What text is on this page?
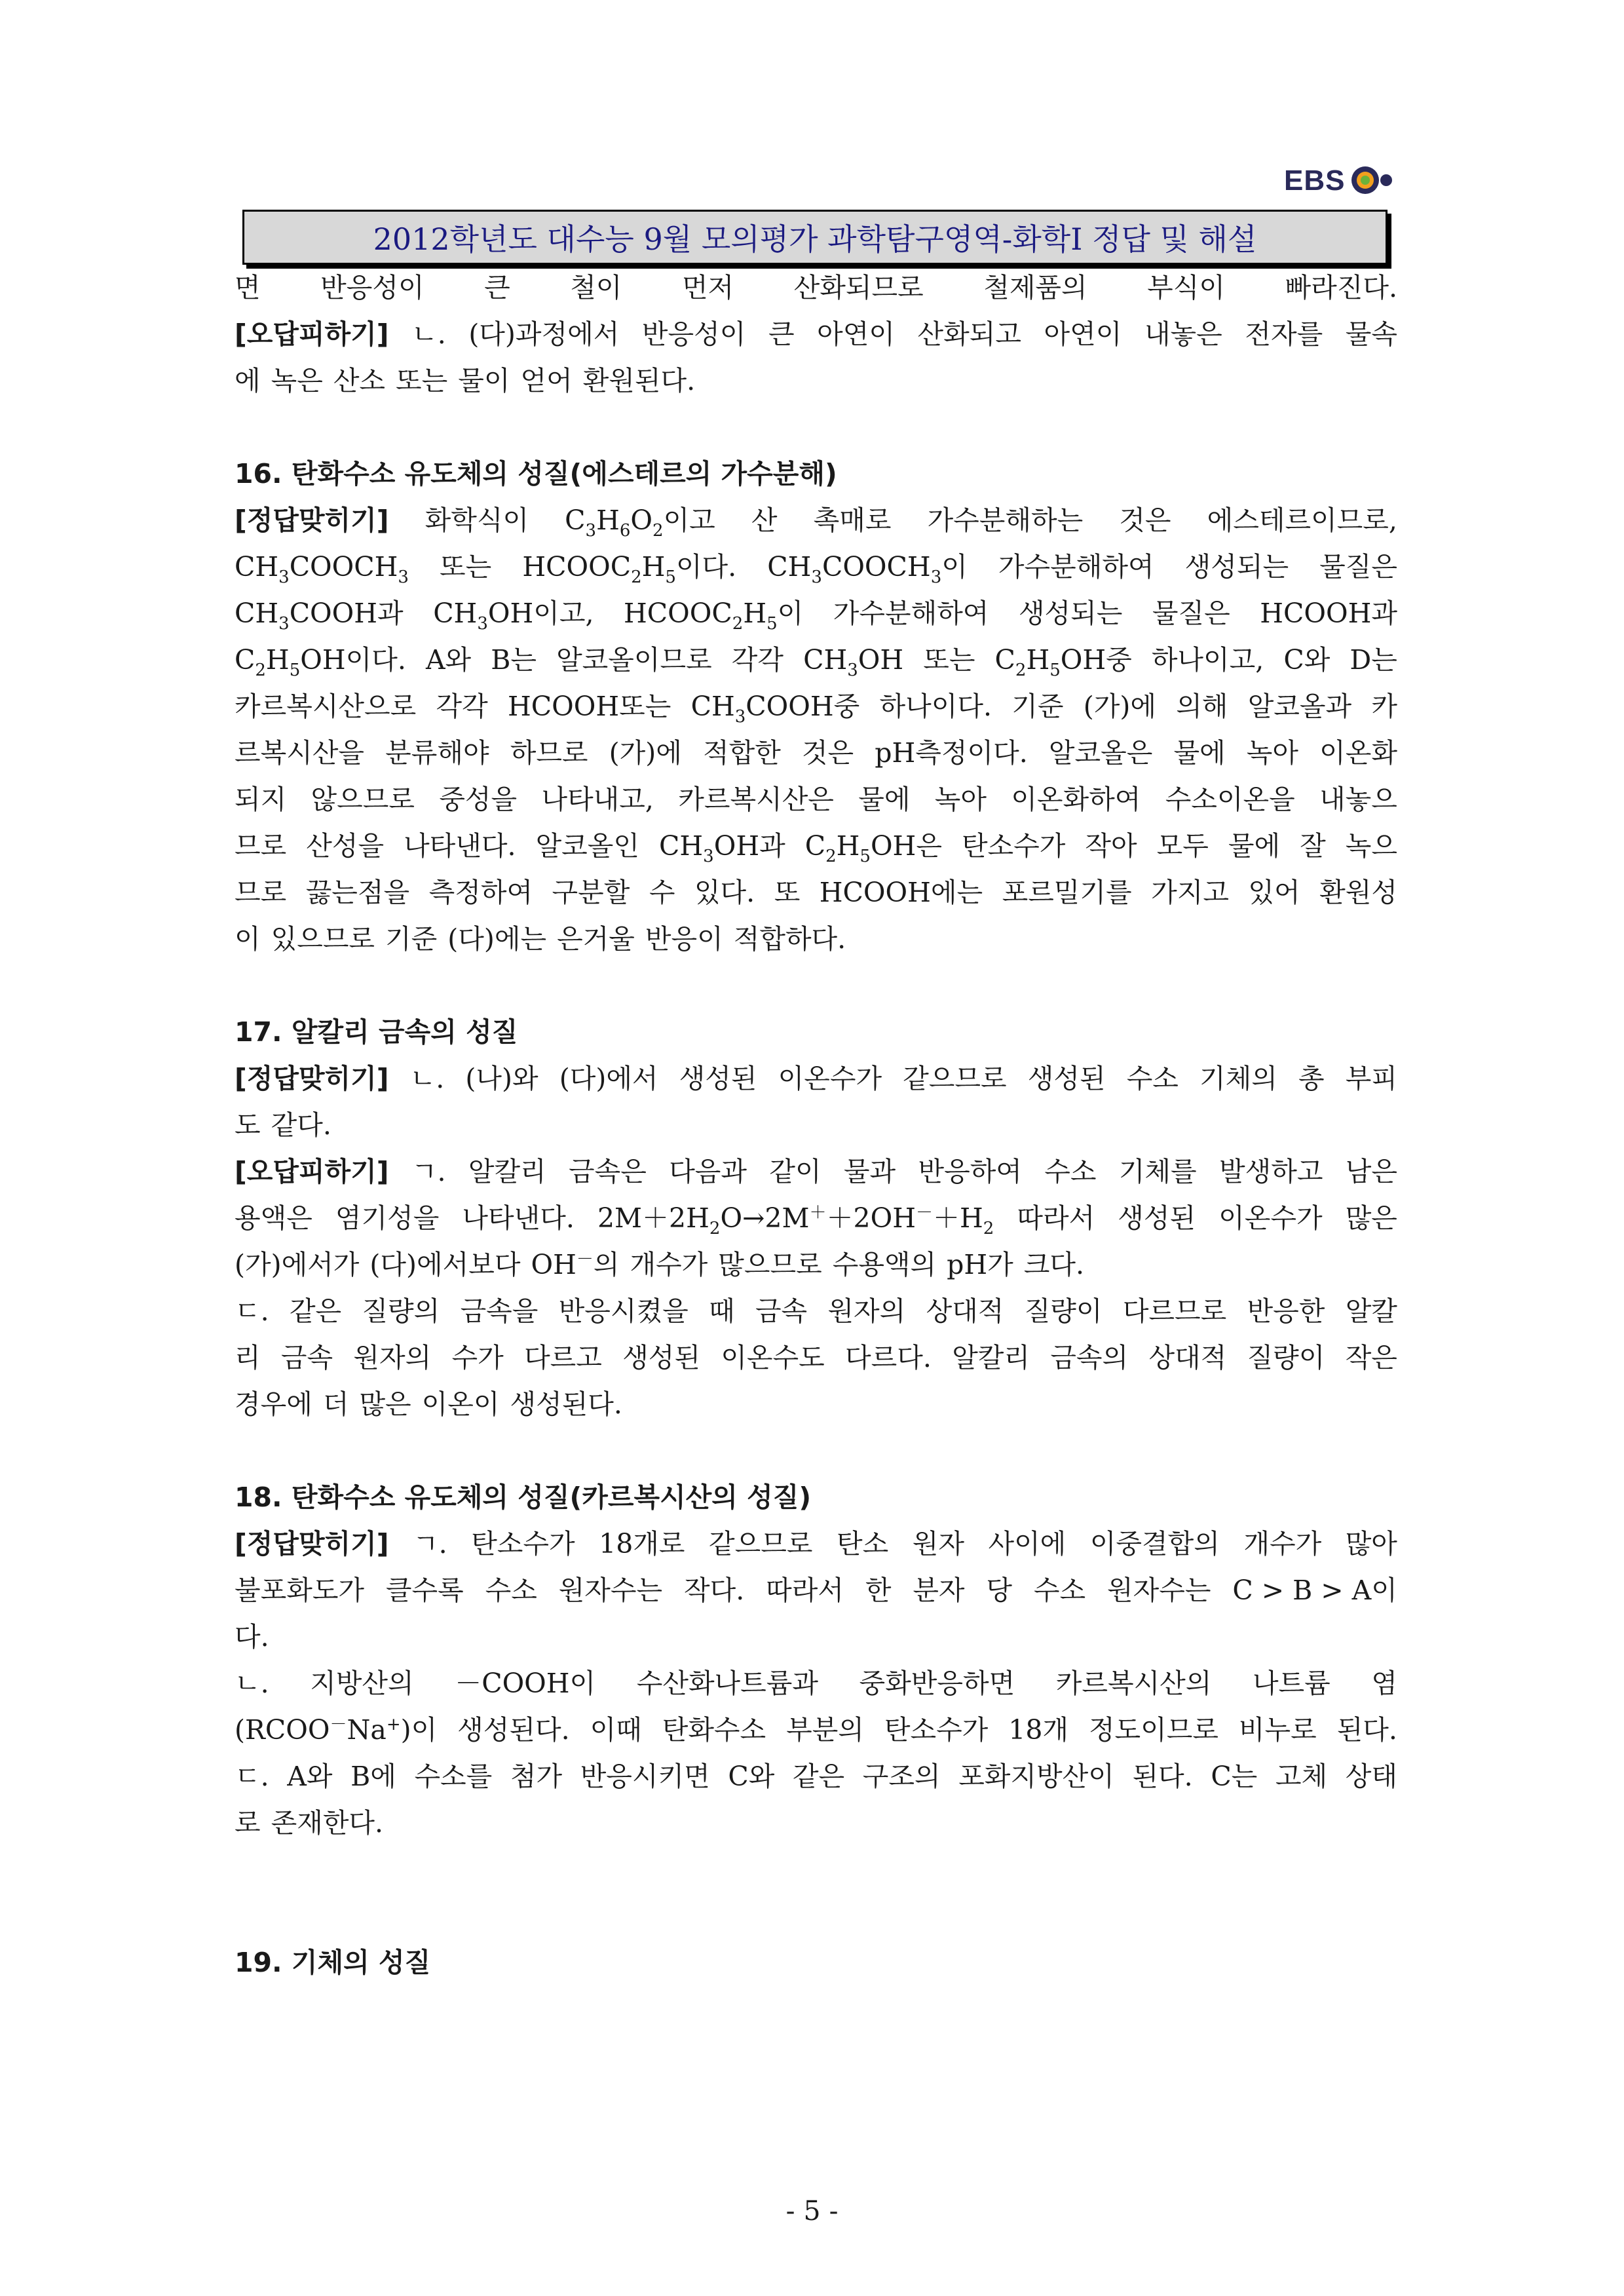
EBS
2012학년도 대수능 9월 모의평가 과학탐구영역-화학Ⅰ 정답 및 해설
면 반응성이 큰 철이 먼저 산화되므로 철제품의 부식이 빠라진다.
[오답피하기] ㄴ. (다)과정에서 반응성이 큰 아연이 산화되고 아연이 내놓은 전자를 물속
에 녹은 산소 또는 물이 얻어 환원된다.
16. 탄화수소 유도체의 성질(에스테르의 가수분해)
[정답맞히기] 화학식이 $C_3H_6O_2$이고 산 촉매로 가수분해하는 것은 에스테르이므로,
$CH_3COOCH_3$ 또는 $HCOOC_2H_5$이다. $CH_3COOCH_3$이 가수분해하여 생성되는 물질은
$CH_3COOH$과 $CH_3OH$이고, $HCOOC_2H_5$이 가수분해하여 생성되는 물질은 HCOOH과
$C_2H_5OH$이다. A와 B는 알코올이므로 각각 $CH_3OH$ 또는 $C_2H_5OH$중 하나이고, C와 D는
카르복시산으로 각각 HCOOH또는 $CH_3COOH$중 하나이다. 기준 (가)에 의해 알코올과 카
르복시산을 분류해야 하므로 (가)에 적합한 것은 pH측정이다. 알코올은 물에 녹아 이온화
되지 않으므로 중성을 나타내고, 카르복시산은 물에 녹아 이온화하여 수소이온을 내놓으
므로 산성을 나타낸다. 알코올인 $CH_3OH$과 $C_2H_5OH$은 탄소수가 작아 모두 물에 잘 녹으
므로 끓는점을 측정하여 구분할 수 있다. 또 HCOOH에는 포르밀기를 가지고 있어 환원성
이 있으므로 기준 (다)에는 은거울 반응이 적합하다.
17. 알칼리 금속의 성질
[정답맞히기] ㄴ. (나)와 (다)에서 생성된 이온수가 같으므로 생성된 수소 기체의 총 부피
도 같다.
[오답피하기] ㄱ. 알칼리 금속은 다음과 같이 물과 반응하여 수소 기체를 발생하고 남은
용액은 염기성을 나타낸다. $2M+2H_2O\to 2M^++2OH^-+H_2$ 따라서 생성된 이온수가 많은
(가)에서가 (다)에서보다 OH－의 개수가 많으므로 수용액의 pH가 크다.
ㄷ. 같은 질량의 금속을 반응시켰을 때 금속 원자의 상대적 질량이 다르므로 반응한 알칼
리 금속 원자의 수가 다르고 생성된 이온수도 다르다. 알칼리 금속의 상대적 질량이 작은
경우에 더 많은 이온이 생성된다.
18. 탄화수소 유도체의 성질(카르복시산의 성질)
[정답맞히기] ㄱ. 탄소수가 18개로 같으므로 탄소 원자 사이에 이중결합의 개수가 많아
불포화도가 클수록 수소 원자수는 작다. 따라서 한 분자 당 수소 원자수는 C > B > A이
다.
ㄴ. 지방산의 －COOH이 수산화나트륨과 중화반응하면 카르복시산의 나트륨 염
(RCOO－Na+)이 생성된다. 이때 탄화수소 부분의 탄소수가 18개 정도이므로 비누로 된다.
ㄷ. A와 B에 수소를 첨가 반응시키면 C와 같은 구조의 포화지방산이 된다. C는 고체 상태
로 존재한다.
19. 기체의 성질
- 5 -
